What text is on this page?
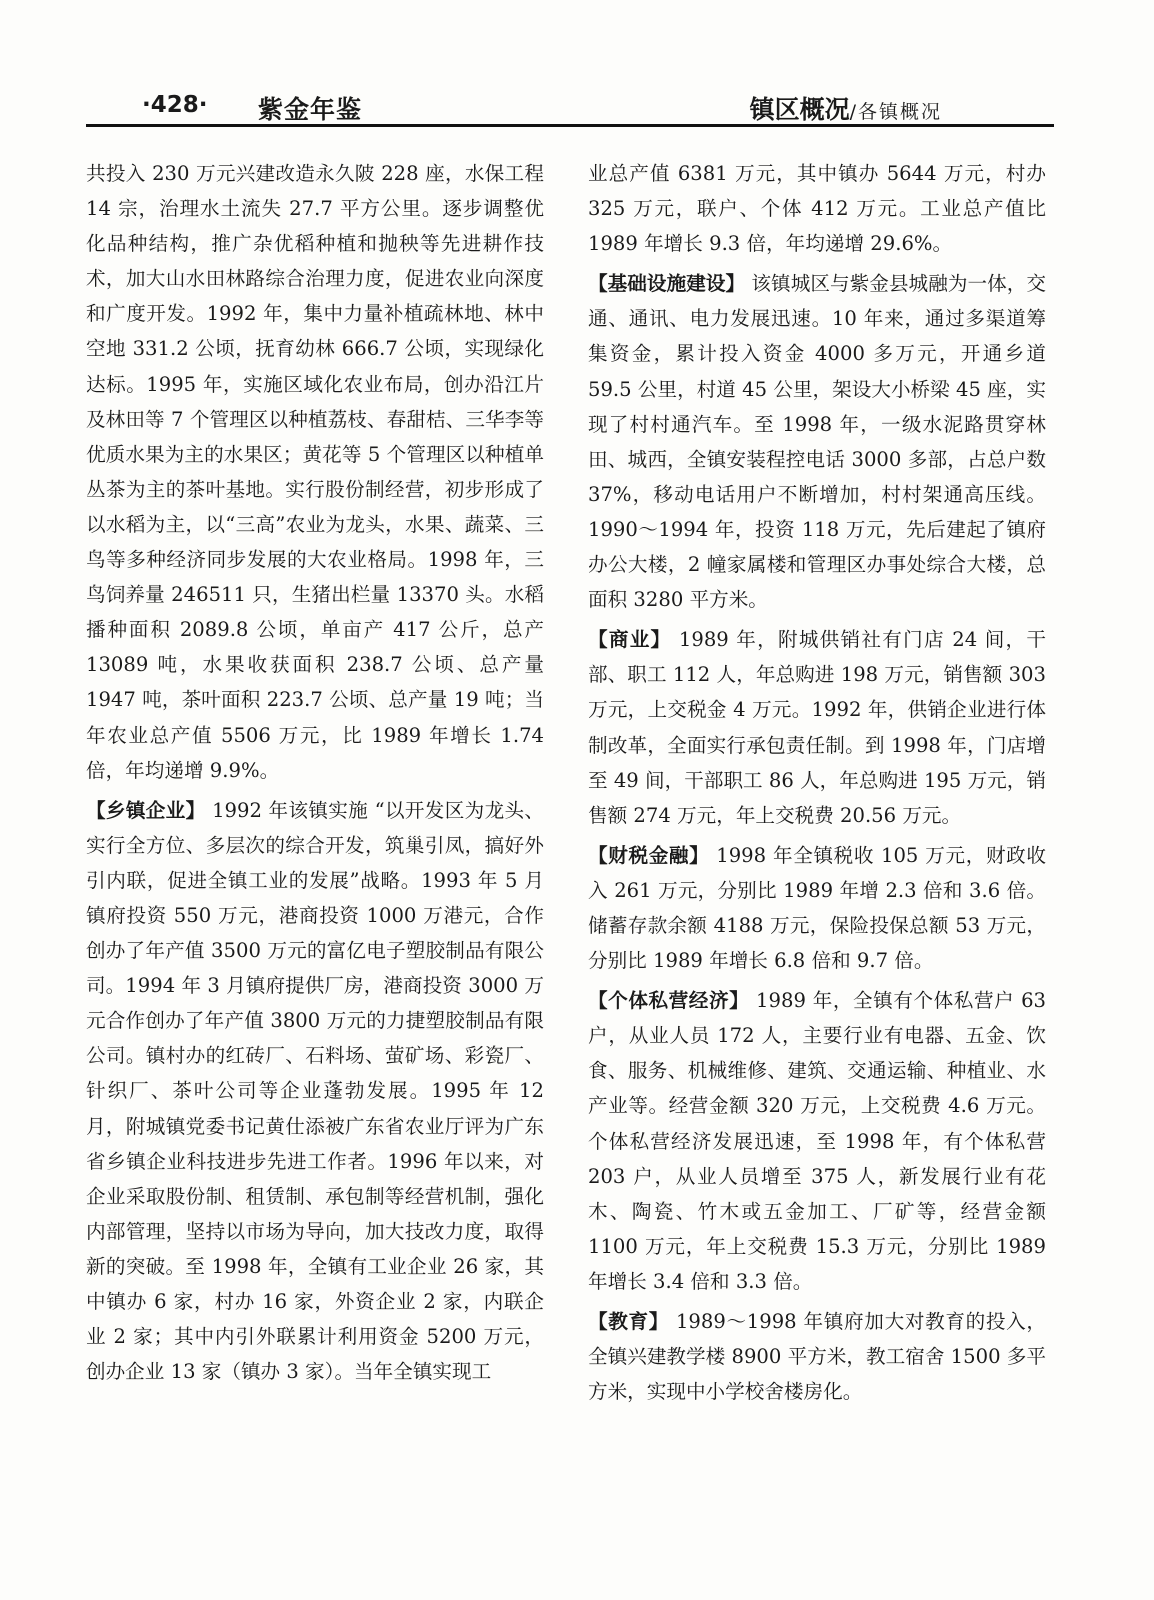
·428· 紫金年鉴	镇区概况/各镇概况

共投入 230 万元兴建改造永久陂 228 座，水保工程 14 宗，治理水土流失 27.7 平方公里。逐步调整优化品种结构，推广杂优稻种植和抛秧等先进耕作技术，加大山水田林路综合治理力度，促进农业向深度和广度开发。1992 年，集中力量补植疏林地、林中空地 331.2 公顷，抚育幼林 666.7 公顷，实现绿化达标。1995 年，实施区域化农业布局，创办沿江片及林田等 7 个管理区以种植荔枝、春甜桔、三华李等优质水果为主的水果区；黄花等 5 个管理区以种植单丛茶为主的茶叶基地。实行股份制经营，初步形成了以水稻为主，以“三高”农业为龙头，水果、蔬菜、三鸟等多种经济同步发展的大农业格局。1998 年，三鸟饲养量 246511 只，生猪出栏量 13370 头。水稻播种面积 2089.8 公顷，单亩产 417 公斤，总产 13089 吨，水果收获面积 238.7 公顷、总产量 1947 吨，茶叶面积 223.7 公顷、总产量 19 吨；当年农业总产值 5506 万元，比 1989 年增长 1.74 倍，年均递增 9.9%。

【乡镇企业】 1992 年该镇实施 “以开发区为龙头、实行全方位、多层次的综合开发，筑巢引凤，搞好外引内联，促进全镇工业的发展”战略。1993 年 5 月镇府投资 550 万元，港商投资 1000 万港元，合作创办了年产值 3500 万元的富亿电子塑胶制品有限公司。1994 年 3 月镇府提供厂房，港商投资 3000 万元合作创办了年产值 3800 万元的力捷塑胶制品有限公司。镇村办的红砖厂、石料场、萤矿场、彩瓷厂、针织厂、茶叶公司等企业蓬勃发展。1995 年 12 月，附城镇党委书记黄仕添被广东省农业厅评为广东省乡镇企业科技进步先进工作者。1996 年以来，对企业采取股份制、租赁制、承包制等经营机制，强化内部管理，坚持以市场为导向，加大技改力度，取得新的突破。至 1998 年，全镇有工业企业 26 家，其中镇办 6 家，村办 16 家，外资企业 2 家，内联企业 2 家；其中内引外联累计利用资金 5200 万元，创办企业 13 家（镇办 3 家）。当年全镇实现工

业总产值 6381 万元，其中镇办 5644 万元，村办 325 万元，联户、个体 412 万元。工业总产值比 1989 年增长 9.3 倍，年均递增 29.6%。

【基础设施建设】 该镇城区与紫金县城融为一体，交通、通讯、电力发展迅速。10 年来，通过多渠道筹集资金，累计投入资金 4000 多万元，开通乡道 59.5 公里，村道 45 公里，架设大小桥梁 45 座，实现了村村通汽车。至 1998 年，一级水泥路贯穿林田、城西，全镇安装程控电话 3000 多部，占总户数 37%，移动电话用户不断增加，村村架通高压线。1990～1994 年，投资 118 万元，先后建起了镇府办公大楼，2 幢家属楼和管理区办事处综合大楼，总面积 3280 平方米。

【商业】 1989 年，附城供销社有门店 24 间，干部、职工 112 人，年总购进 198 万元，销售额 303 万元，上交税金 4 万元。1992 年，供销企业进行体制改革，全面实行承包责任制。到 1998 年，门店增至 49 间，干部职工 86 人，年总购进 195 万元，销售额 274 万元，年上交税费 20.56 万元。

【财税金融】 1998 年全镇税收 105 万元，财政收入 261 万元，分别比 1989 年增 2.3 倍和 3.6 倍。储蓄存款余额 4188 万元，保险投保总额 53 万元，分别比 1989 年增长 6.8 倍和 9.7 倍。

【个体私营经济】 1989 年，全镇有个体私营户 63 户，从业人员 172 人，主要行业有电器、五金、饮食、服务、机械维修、建筑、交通运输、种植业、水产业等。经营金额 320 万元，上交税费 4.6 万元。个体私营经济发展迅速，至 1998 年，有个体私营 203 户，从业人员增至 375 人，新发展行业有花木、陶瓷、竹木或五金加工、厂矿等，经营金额 1100 万元，年上交税费 15.3 万元，分别比 1989 年增长 3.4 倍和 3.3 倍。

【教育】 1989～1998 年镇府加大对教育的投入，全镇兴建教学楼 8900 平方米，教工宿舍 1500 多平方米，实现中小学校舍楼房化。
